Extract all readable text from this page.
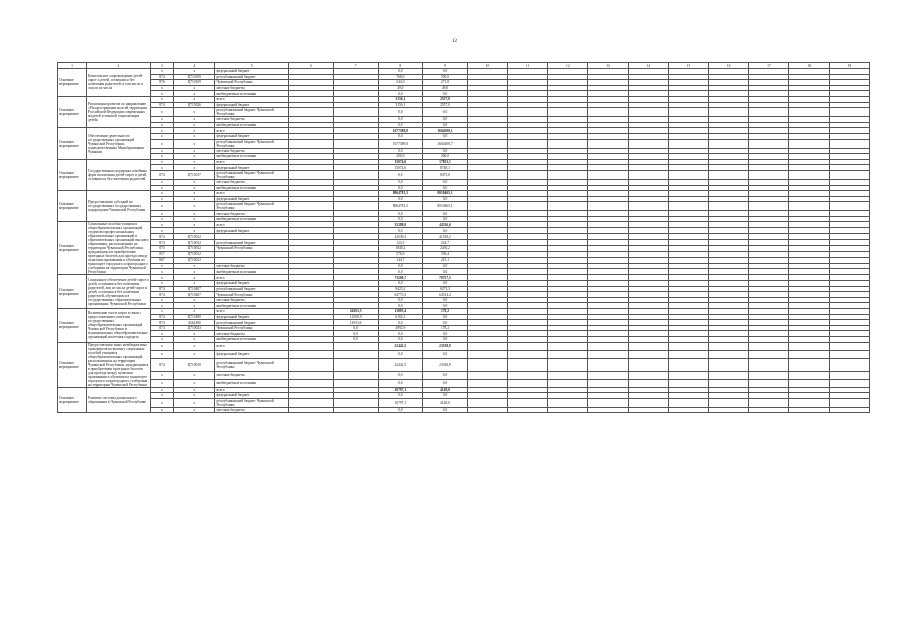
12
1	2	3	4	5	6	7	8	9	10	11	12	13	14	15	16	17	18	19
Основное мероприятие	Комплексное сопровождение детей-сирот и детей, оставшихся без попечения родителей, в том числе и лиц из их числа	x	x	федеральный бюджет			0,0	0,0										
		874	Ц710109	республиканский бюджет			768,0	550,0										
		876	Ц710109	Чувашской Республики			543,0	271,8										
		x	x	местные бюджеты			49,0	49,0										
		x	x	внебюджетные источники			0,0	0,0										
Основное мероприятие	Реализация проектов по направлению «Распространение на всей территории Российской Федерации современных моделей успешной социализации детей»	x	x	всего			3156,1	2557,0										
		874	Ц715026	федеральный бюджет			3156,1	2557,0										
		x	x	республиканский бюджет Чувашской Республики			0,0	0,0										
		x	x	местные бюджеты			0,0	0,0										
		x	x	внебюджетные источники			0,0	0,0										
Основное мероприятие	Обеспечение деятельности государственных организаций Чувашской Республики, подведомственных Минобразования Чувашии	x	x	всего			1677389,8	1664508,1										
		x	x	федеральный бюджет			0,0	0,0										
		x	x	республиканский бюджет Чувашской Республики			1677389,8	1664308,7										
		x	x	местные бюджеты			0,0	0,0										
		x	x	внебюджетные источники			200,0	200,0										
Основное мероприятие	Государственная поддержка семейных форм воспитания детей-сирот и детей, оставшихся без попечения родителей	x	x	всего			15074,6	17823,1										
		x	x	федеральный бюджет			15074,6	8748,1										
		874	Ц715017	республиканский бюджет Чувашской Республики			0,0	8475,0										
		x	x	местные бюджеты			0,0	0,0										
		x	x	внебюджетные источники			0,0	0,0										
Основное мероприятие	Предоставление субсидий на государственных государственных подпрограмм Чувашской Республики	x	x	всего			8064781,3	8010465,1										
		x	x	федеральный бюджет			0,0	0,0										
		x	x	республиканский бюджет Чувашской Республики			8064781,3	8010465,1										
		x	x	местные бюджеты			0,0	0,0										
		x	x	внебюджетные источники			0,0	0,0										
Основное мероприятие	Социальные пособия учащимся общеобразовательных организаций, студентам профессиональных образовательных организаций и образовательных организаций высшего образования, расположенных на территории Чувашской Республики, нуждающимся в приобретении проездных билетов для проезда между пунктами проживания и обучения на транспорте городского и пригородного сообщения на территории Чувашской Республики	x	x	всего			35288,0	44336,6										
		x	x	федеральный бюджет			0,0	0,0										
		874	Ц710012				32539,3	41539,2										
		874	Ц710012	республиканский бюджет			123,5	224,7										
		875	Ц710012	Чувашской Республики			1840,2	2430,2										
		857	Ц710012				576,9	559,4										
		867	Ц710012				144,7	213,1										
		x	x	местные бюджеты			0,0	0,0										
		x	x	внебюджетные источники			0,0	0,0										
Основное мероприятие	Социальное обеспечение детей-сирот и детей, оставшихся без попечения родителей, лиц из числа детей-сирот и детей, оставшихся без попечения родителей, обучающихся в государственных образовательных организациях Чувашской Республики	x	x	всего			73200,7	70757,5										
		x	x	федеральный бюджет			0,0	0,0										
		874	Ц710407	республиканский бюджет			8425,2	6273,3										
		874	Ц710407	Чувашской Республики			64775,5	64514,2										
		x	x	местные бюджеты			0,0	0,0										
		x	x	внебюджетные источники			0,0	0,0										
Основное мероприятие	Возмещение части затрат в связи с предоставлением учителям государственных общеобразовательных организаций Чувашской Республики и муниципальных общеобразовательных организаций ипотечного кредита	x	x	всего		24563,5	11095,4	178,2										
		874	Ц715490	федеральный бюджет		12500,9	6102,5	0,0										
		874	4342490	республиканский бюджет		11053,6	0,0	0,0										
		874	Ц710023	Чувашской Республики		0,0	4992,9	178,2										
		x	x	местные бюджеты		0,0	0,0	0,0										
		x	x	внебюджетные источники		0,0	0,0	0,0										
Основное мероприятие	Предоставление иных межбюджетных трансфертов на выплату социальных пособий учащимся общеобразовательных организаций, расположенных на территории Чувашской Республики, нуждающимся в приобретении проездных билетов для проезда между пунктами проживания и обучения на транспорте городского и пригородного сообщения на территории Чувашской Республики	x	x	всего			22442,5	23538,9										
		x	x	федеральный бюджет			0,0	0,0										
		874	Ц710018	республиканский бюджет Чувашской Республики			22442,5	23538,9										
		x	x	местные бюджеты			0,0	0,0										
		x	x	внебюджетные источники			0,0	0,0										
Основное мероприятие	Развитие системы дошкольного образования в Чувашской Республике	x	x	всего			30797,1	4140,0										
		x	x	федеральный бюджет			0,0	0,0										
		x	x	республиканский бюджет Чувашской Республики			10797,1	4140,0										
		x	x	местные бюджеты			0,0	0,0										
